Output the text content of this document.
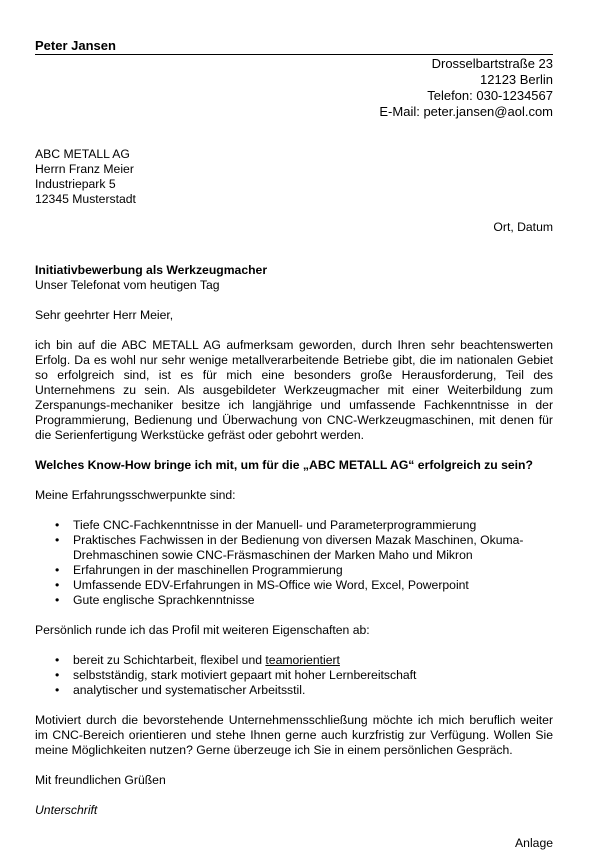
Peter Jansen
Drosselbartstraße 23
12123 Berlin
Telefon: 030-1234567
E-Mail: peter.jansen@aol.com
ABC METALL AG
Herrn Franz Meier
Industriepark 5
12345 Musterstadt
Ort, Datum

Initiativbewerbung als Werkzeugmacher

Unser Telefonat vom heutigen Tag

Sehr geehrter Herr Meier,

ich bin auf die ABC METALL AG aufmerksam geworden, durch Ihren sehr beachtenswerten Erfolg. Da es wohl nur sehr wenige metallverarbeitende Betriebe gibt, die im nationalen Gebiet so erfolgreich sind, ist es für mich eine besonders große Herausforderung, Teil des Unternehmens zu sein. Als ausgebildeter Werkzeugmacher mit einer Weiterbildung zum Zerspanungs-mechaniker besitze ich langjährige und umfassende Fachkenntnisse in der Programmierung, Bedienung und Überwachung von CNC-Werkzeugmaschinen, mit denen für die Serienfertigung Werkstücke gefräst oder gebohrt werden.

Welches Know-How bringe ich mit, um für die „ABC METALL AG“ erfolgreich zu sein?

Meine Erfahrungsschwerpunkte sind:

• Tiefe CNC-Fachkenntnisse in der Manuell- und Parameterprogrammierung
• Praktisches Fachwissen in der Bedienung von diversen Mazak Maschinen, Okuma-Drehmaschinen sowie CNC-Fräsmaschinen der Marken Maho und Mikron
• Erfahrungen in der maschinellen Programmierung
• Umfassende EDV-Erfahrungen in MS-Office wie Word, Excel, Powerpoint
• Gute englische Sprachkenntnisse

Persönlich runde ich das Profil mit weiteren Eigenschaften ab:

• bereit zu Schichtarbeit, flexibel und teamorientiert
• selbstständig, stark motiviert gepaart mit hoher Lernbereitschaft
• analytischer und systematischer Arbeitsstil.

Motiviert durch die bevorstehende Unternehmensschließung möchte ich mich beruflich weiter im CNC-Bereich orientieren und stehe Ihnen gerne auch kurzfristig zur Verfügung. Wollen Sie meine Möglichkeiten nutzen? Gerne überzeuge ich Sie in einem persönlichen Gespräch.

Mit freundlichen Grüßen

Unterschrift

Anlage
